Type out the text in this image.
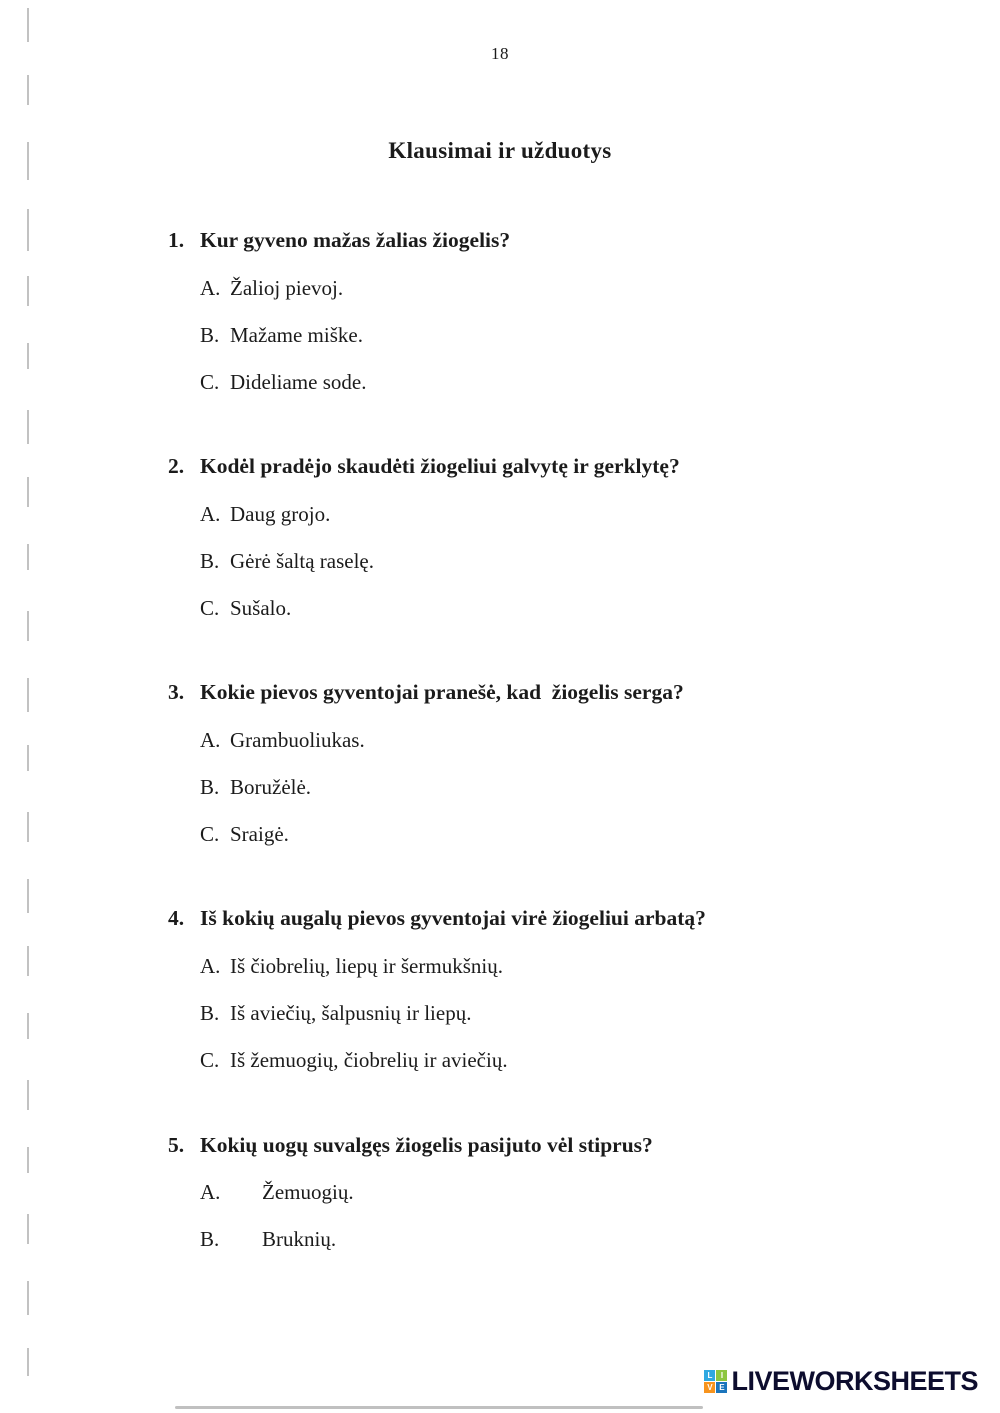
18
Klausimai ir užduotys
1. Kur gyveno mažas žalias žiogelis?
A. Žalioj pievoj.
B. Mažame miške.
C. Dideliame sode.
2. Kodėl pradėjo skaudėti žiogeliui galvytę ir gerklytę?
A. Daug grojo.
B. Gėrė šaltą raselę.
C. Sušalo.
3. Kokie pievos gyventojai pranešė, kad  žiogelis serga?
A. Grambuoliukas.
B. Boružėlė.
C. Sraigė.
4. Iš kokių augalų pievos gyventojai virė žiogeliui arbatą?
A. Iš čiobrelių, liepų ir šermukšnių.
B. Iš aviečių, šalpusnių ir liepų.
C. Iš žemuogių, čiobrelių ir aviečių.
5. Kokių uogų suvalgęs žiogelis pasijuto vėl stiprus?
A.	Žemuogių.
B.	Bruknių.
L	I
V E LIVEWORKSHEETS
